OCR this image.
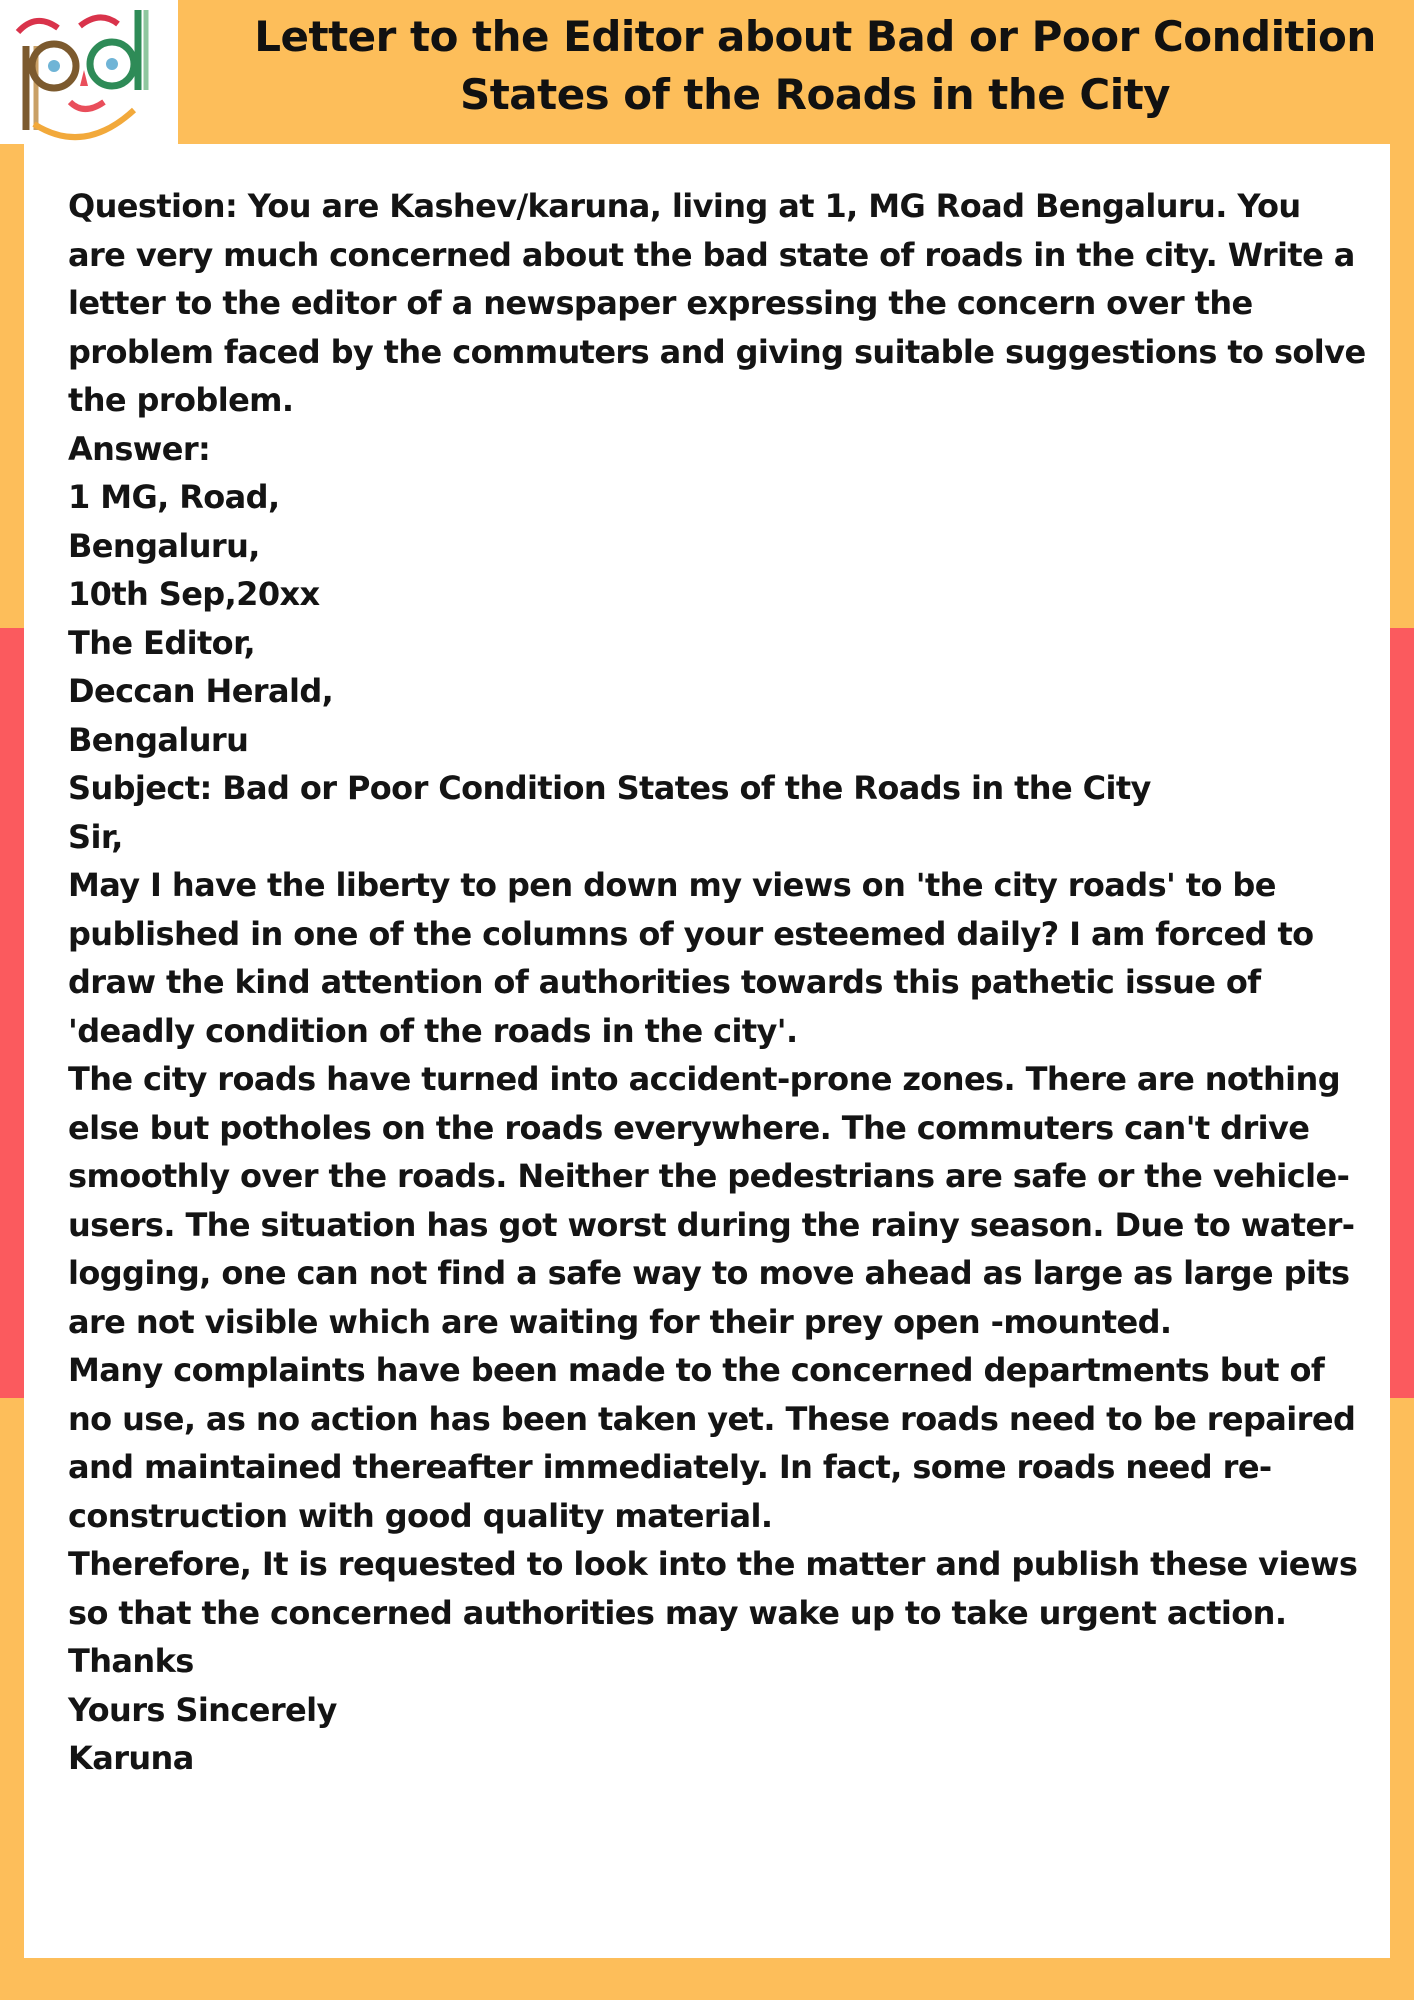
Letter to the Editor about Bad or Poor Condition
States of the Roads in the City

Question: You are Kashev/karuna, living at 1, MG Road Bengaluru. You are very much concerned about the bad state of roads in the city. Write a letter to the editor of a newspaper expressing the concern over the problem faced by the commuters and giving suitable suggestions to solve the problem.

Answer:

1 MG, Road,

Bengaluru,

10th Sep,20xx

The Editor,

Deccan Herald,

Bengaluru

Subject: Bad or Poor Condition States of the Roads in the City

Sir,

May I have the liberty to pen down my views on 'the city roads' to be published in one of the columns of your esteemed daily? I am forced to draw the kind attention of authorities towards this pathetic issue of 'deadly condition of the roads in the city'.

The city roads have turned into accident-prone zones. There are nothing else but potholes on the roads everywhere. The commuters can't drive smoothly over the roads. Neither the pedestrians are safe or the vehicle-users. The situation has got worst during the rainy season. Due to water-logging, one can not find a safe way to move ahead as large as large pits are not visible which are waiting for their prey open -mounted.

Many complaints have been made to the concerned departments but of no use, as no action has been taken yet. These roads need to be repaired and maintained thereafter immediately. In fact, some roads need re-construction with good quality material.

Therefore, It is requested to look into the matter and publish these views so that the concerned authorities may wake up to take urgent action.

Thanks

Yours Sincerely

Karuna
